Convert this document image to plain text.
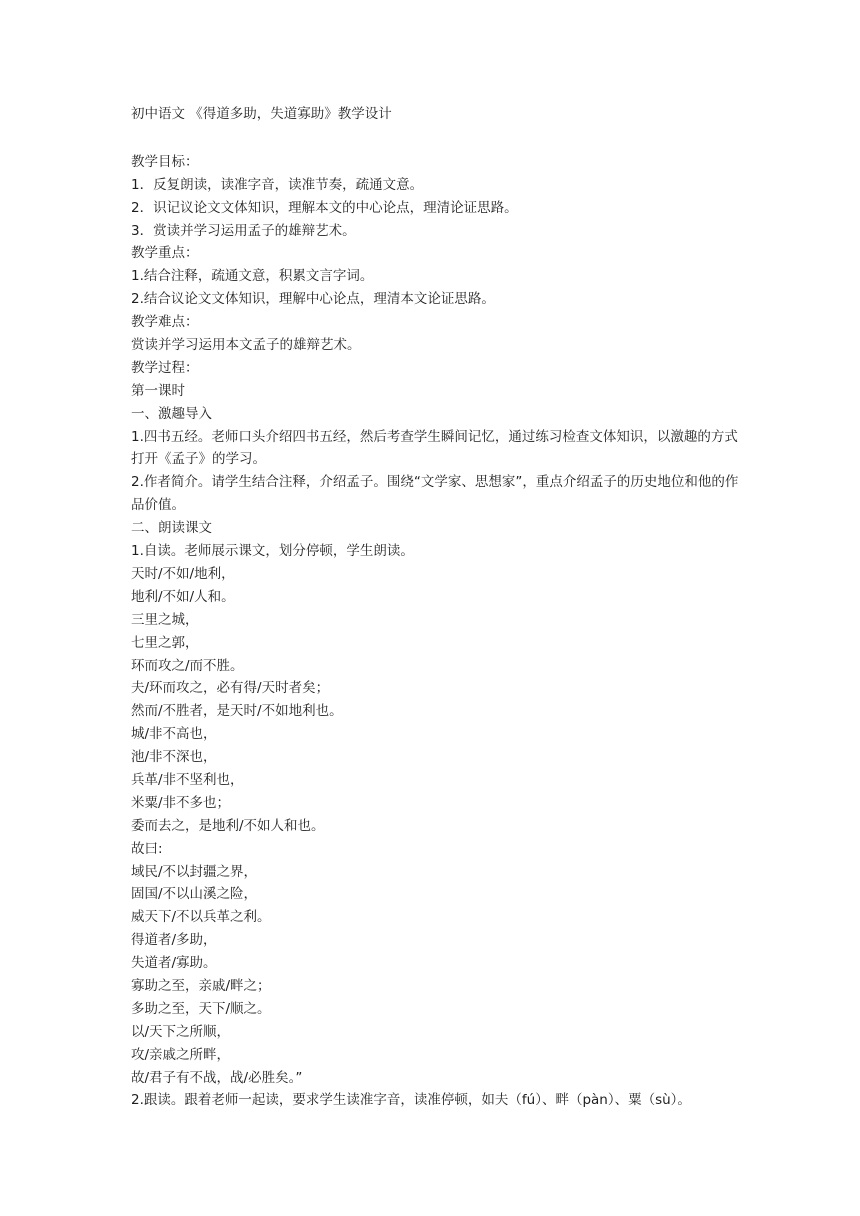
初中语文 《得道多助，失道寡助》教学设计
教学目标：
1．反复朗读，读准字音，读准节奏，疏通文意。
2．识记议论文文体知识，理解本文的中心论点，理清论证思路。
3．赏读并学习运用孟子的雄辩艺术。
教学重点：
1.结合注释，疏通文意，积累文言字词。
2.结合议论文文体知识，理解中心论点，理清本文论证思路。
教学难点：
赏读并学习运用本文孟子的雄辩艺术。
教学过程：
第一课时
一、激趣导入
1.四书五经。老师口头介绍四书五经，然后考查学生瞬间记忆，通过练习检查文体知识，以激趣的方式打开《孟子》的学习。
2.作者简介。请学生结合注释，介绍孟子。围绕“文学家、思想家”，重点介绍孟子的历史地位和他的作品价值。
二、朗读课文
1.自读。老师展示课文，划分停顿，学生朗读。
天时/不如/地利，
地利/不如/人和。
三里之城，
七里之郭，
环而攻之/而不胜。
夫/环而攻之，必有得/天时者矣；
然而/不胜者，是天时/不如地利也。
城/非不高也，
池/非不深也，
兵革/非不坚利也，
米粟/非不多也；
委而去之，是地利/不如人和也。
故曰:
域民/不以封疆之界，
固国/不以山溪之险，
威天下/不以兵革之利。
得道者/多助，
失道者/寡助。
寡助之至，亲戚/畔之；
多助之至，天下/顺之。
以/天下之所顺，
攻/亲戚之所畔，
故/君子有不战，战/必胜矣。”
2.跟读。跟着老师一起读，要求学生读准字音，读准停顿，如夫（fú）、畔（pàn）、粟（sù）。
